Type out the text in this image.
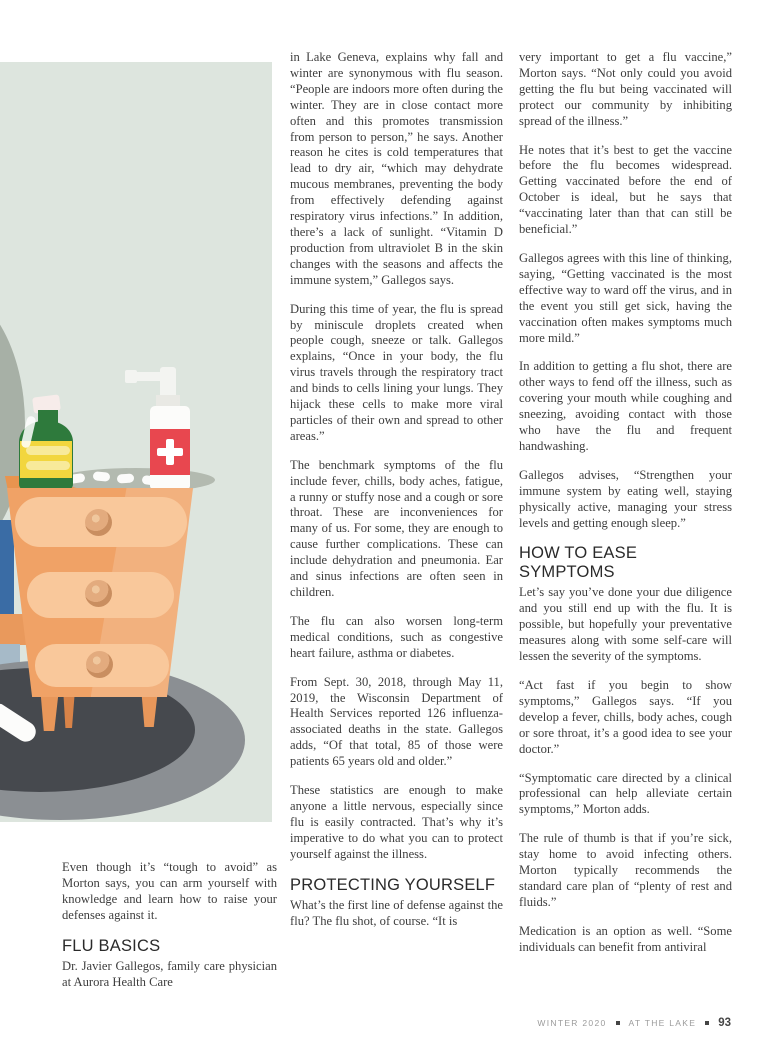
Even though it’s “tough to avoid” as Morton says, you can arm yourself with knowledge and learn how to raise your defenses against it.

FLU BASICS

Dr. Javier Gallegos, family care physician at Aurora Health Care

in Lake Geneva, explains why fall and winter are synonymous with flu season. “People are indoors more often during the winter. They are in close contact more often and this promotes transmission from person to person,” he says. Another reason he cites is cold temperatures that lead to dry air, “which may dehydrate mucous membranes, preventing the body from effectively defending against respiratory virus infections.” In addition, there’s a lack of sunlight. “Vitamin D production from ultraviolet B in the skin changes with the seasons and affects the immune system,” Gallegos says.

During this time of year, the flu is spread by miniscule droplets created when people cough, sneeze or talk. Gallegos explains, “Once in your body, the flu virus travels through the respiratory tract and binds to cells lining your lungs. They hijack these cells to make more viral particles of their own and spread to other areas.”

The benchmark symptoms of the flu include fever, chills, body aches, fatigue, a runny or stuffy nose and a cough or sore throat. These are inconveniences for many of us. For some, they are enough to cause further complications. These can include dehydration and pneumonia. Ear and sinus infections are often seen in children.

The flu can also worsen long-term medical conditions, such as congestive heart failure, asthma or diabetes.

From Sept. 30, 2018, through May 11, 2019, the Wisconsin Department of Health Services reported 126 influenza-associated deaths in the state. Gallegos adds, “Of that total, 85 of those were patients 65 years old and older.”

These statistics are enough to make anyone a little nervous, especially since flu is easily contracted. That’s why it’s imperative to do what you can to protect yourself against the illness.

PROTECTING YOURSELF

What’s the first line of defense against the flu? The flu shot, of course. “It is

very important to get a flu vaccine,” Morton says. “Not only could you avoid getting the flu but being vaccinated will protect our community by inhibiting spread of the illness.”

He notes that it’s best to get the vaccine before the flu becomes widespread. Getting vaccinated before the end of October is ideal, but he says that “vaccinating later than that can still be beneficial.”

Gallegos agrees with this line of thinking, saying, “Getting vaccinated is the most effective way to ward off the virus, and in the event you still get sick, having the vaccination often makes symptoms much more mild.”

In addition to getting a flu shot, there are other ways to fend off the illness, such as covering your mouth while coughing and sneezing, avoiding contact with those who have the flu and frequent handwashing.

Gallegos advises, “Strengthen your immune system by eating well, staying physically active, managing your stress levels and getting enough sleep.”

HOW TO EASE SYMPTOMS

Let’s say you’ve done your due diligence and you still end up with the flu. It is possible, but hopefully your preventative measures along with some self-care will lessen the severity of the symptoms.

“Act fast if you begin to show symptoms,” Gallegos says. “If you develop a fever, chills, body aches, cough or sore throat, it’s a good idea to see your doctor.”

“Symptomatic care directed by a clinical professional can help alleviate certain symptoms,” Morton adds.

The rule of thumb is that if you’re sick, stay home to avoid infecting others. Morton typically recommends the standard care plan of “plenty of rest and fluids.”

Medication is an option as well. “Some individuals can benefit from antiviral

WINTER 2020	AT THE LAKE 93
